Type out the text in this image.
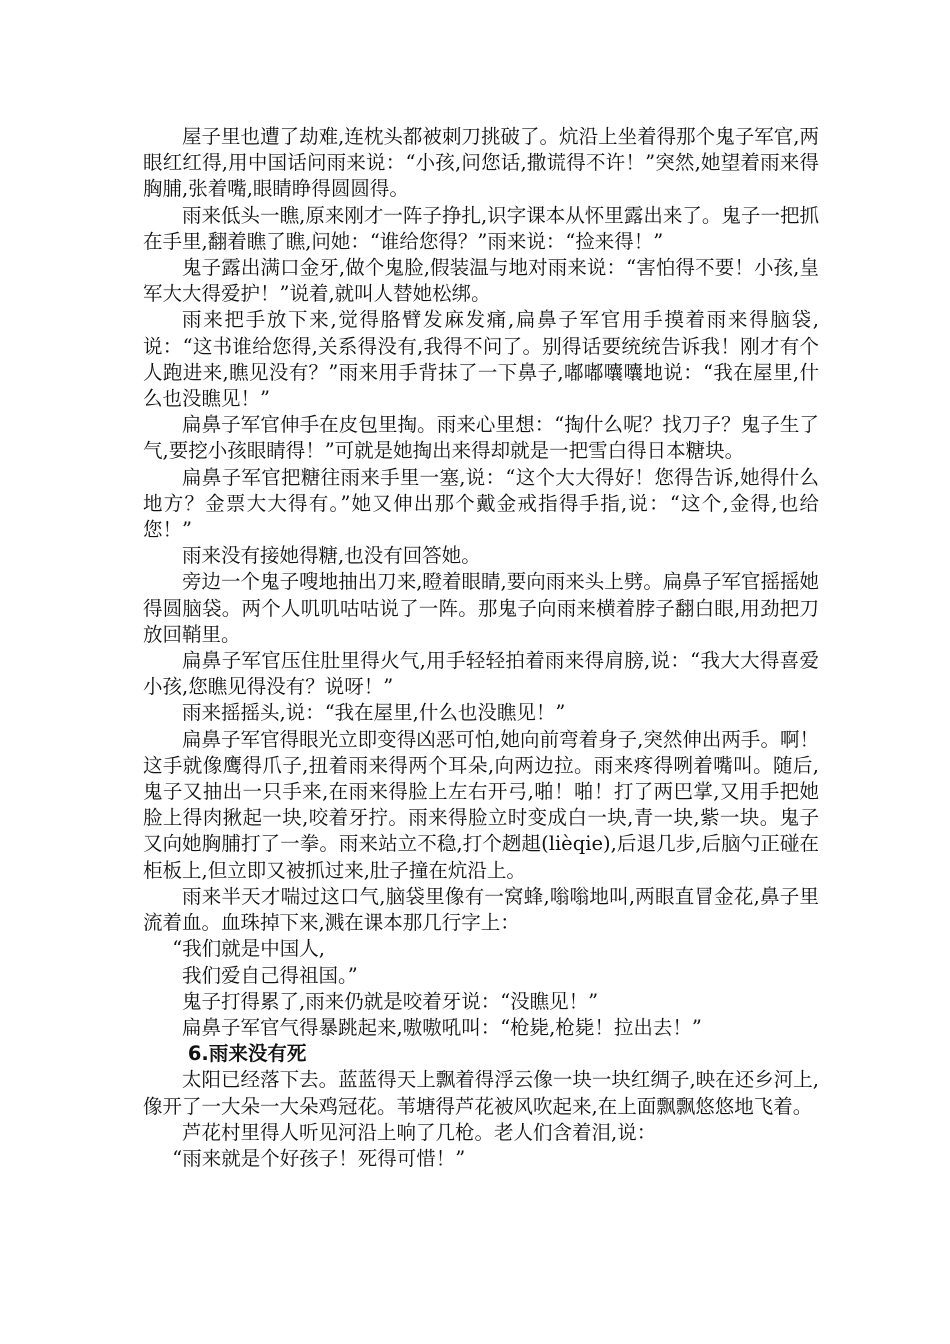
屋子里也遭了劫难,连枕头都被刺刀挑破了。炕沿上坐着得那个鬼子军官,两眼红红得,用中国话问雨来说：“小孩,问您话,撒谎得不许！”突然,她望着雨来得胸脯,张着嘴,眼睛睁得圆圆得。

雨来低头一瞧,原来刚才一阵子挣扎,识字课本从怀里露出来了。鬼子一把抓在手里,翻着瞧了瞧,问她：“谁给您得？”雨来说：“捡来得！”

鬼子露出满口金牙,做个鬼脸,假装温与地对雨来说：“害怕得不要！小孩,皇军大大得爱护！”说着,就叫人替她松绑。

雨来把手放下来,觉得胳臂发麻发痛,扁鼻子军官用手摸着雨来得脑袋,说：“这书谁给您得,关系得没有,我得不问了。别得话要统统告诉我！刚才有个人跑进来,瞧见没有？”雨来用手背抹了一下鼻子,嘟嘟囔囔地说：“我在屋里,什么也没瞧见！”

扁鼻子军官伸手在皮包里掏。雨来心里想：“掏什么呢？找刀子？鬼子生了气,要挖小孩眼睛得！”可就是她掏出来得却就是一把雪白得日本糖块。

扁鼻子军官把糖往雨来手里一塞,说：“这个大大得好！您得告诉,她得什么地方？金票大大得有。”她又伸出那个戴金戒指得手指,说：“这个,金得,也给您！”

雨来没有接她得糖,也没有回答她。

旁边一个鬼子嗖地抽出刀来,瞪着眼睛,要向雨来头上劈。扁鼻子军官摇摇她得圆脑袋。两个人叽叽咕咕说了一阵。那鬼子向雨来横着脖子翻白眼,用劲把刀放回鞘里。

扁鼻子军官压住肚里得火气,用手轻轻拍着雨来得肩膀,说：“我大大得喜爱小孩,您瞧见得没有？说呀！”

雨来摇摇头,说：“我在屋里,什么也没瞧见！”

扁鼻子军官得眼光立即变得凶恶可怕,她向前弯着身子,突然伸出两手。啊！这手就像鹰得爪子,扭着雨来得两个耳朵,向两边拉。雨来疼得咧着嘴叫。随后,鬼子又抽出一只手来,在雨来得脸上左右开弓,啪！啪！打了两巴掌,又用手把她脸上得肉揪起一块,咬着牙拧。雨来得脸立时变成白一块,青一块,紫一块。鬼子又向她胸脯打了一拳。雨来站立不稳,打个趔趄(lièqie),后退几步,后脑勺正碰在柜板上,但立即又被抓过来,肚子撞在炕沿上。

雨来半天才喘过这口气,脑袋里像有一窝蜂,嗡嗡地叫,两眼直冒金花,鼻子里流着血。血珠掉下来,溅在课本那几行字上：

“我们就是中国人,

我们爱自己得祖国。”

鬼子打得累了,雨来仍就是咬着牙说：“没瞧见！”

扁鼻子军官气得暴跳起来,嗷嗷吼叫：“枪毙,枪毙！拉出去！”

6.雨来没有死

太阳已经落下去。蓝蓝得天上飘着得浮云像一块一块红绸子,映在还乡河上,像开了一大朵一大朵鸡冠花。苇塘得芦花被风吹起来,在上面飘飘悠悠地飞着。

芦花村里得人听见河沿上响了几枪。老人们含着泪,说：

“雨来就是个好孩子！死得可惜！”
